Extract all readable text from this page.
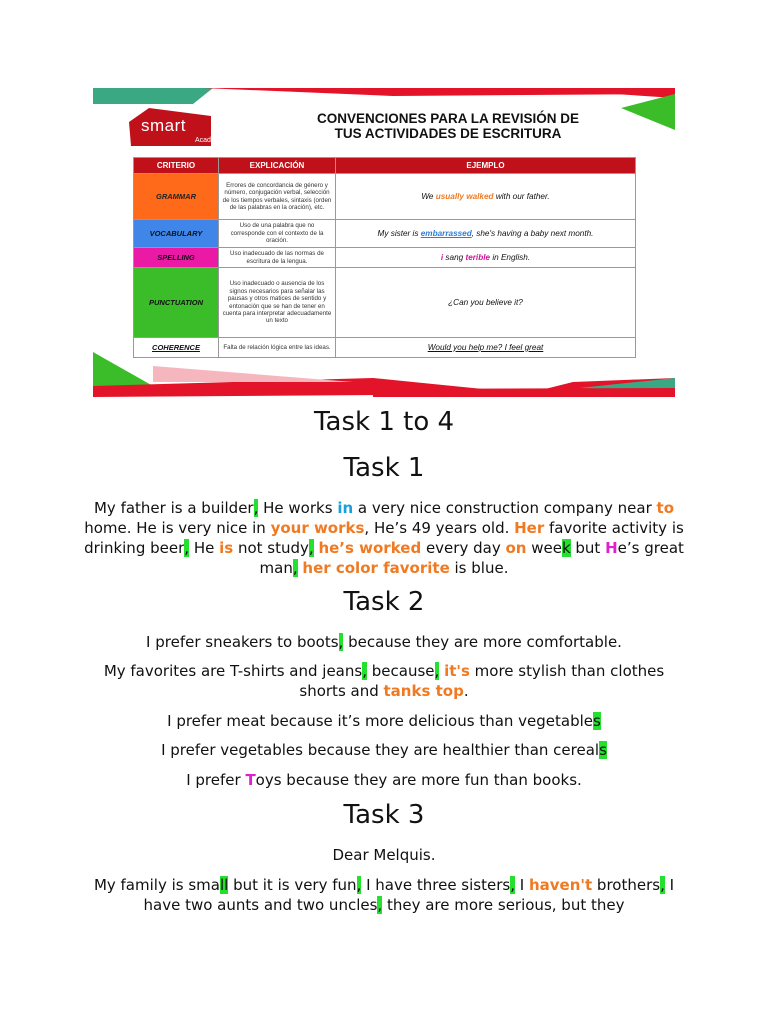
smart
Academia de Idiomas
CONVENCIONES PARA LA REVISIÓN DE
TUS ACTIVIDADES DE ESCRITURA
CRITERIO	EXPLICACIÓN	EJEMPLO
GRAMMAR	Errores de concordancia de género y número, conjugación verbal, selección de los tiempos verbales, sintaxis (orden de las palabras en la oración), etc.	We usually walked with our father.
VOCABULARY	Uso de una palabra que no corresponde con el contexto de la oración.	My sister is embarrassed, she's having a baby next month.
SPELLING	Uso inadecuado de las normas de escritura de la lengua.	i sang terible in English.
PUNCTUATION	Uso inadecuado o ausencia de los signos necesarios para señalar las pausas y otros matices de sentido y entonación que se han de tener en cuenta para interpretar adecuadamente un texto	¿Can you believe it?
COHERENCE	Falta de relación lógica entre las ideas.	Would you help me? I feel great
Task 1 to 4
Task 1
My father is a builder, He works in a very nice construction company near to home. He is very nice in your works, He’s 49 years old. Her favorite activity is drinking beer, He is not study, he’s worked every day on week but He’s great man, her color favorite is blue.
Task 2
I prefer sneakers to boots, because they are more comfortable.
My favorites are T-shirts and jeans, because, it's more stylish than clothes shorts and tanks top.
I prefer meat because it’s more delicious than vegetables
I prefer vegetables because they are healthier than cereals
I prefer Toys because they are more fun than books.
Task 3
Dear Melquis.
My family is small but it is very fun, I have three sisters, I haven't brothers, I have two aunts and two uncles, they are more serious, but they
